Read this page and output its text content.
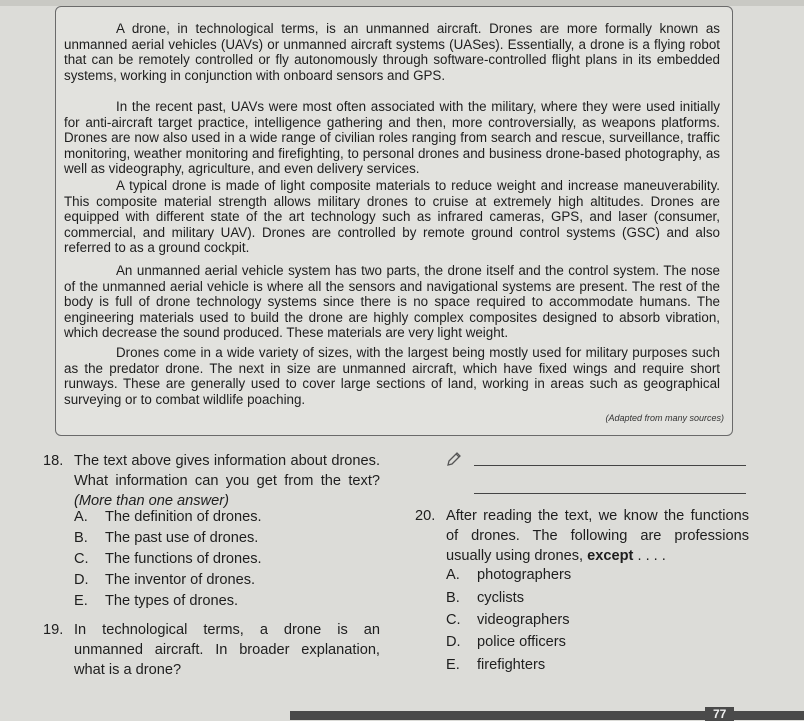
A drone, in technological terms, is an unmanned aircraft. Drones are more formally known as unmanned aerial vehicles (UAVs) or unmanned aircraft systems (UASes). Essentially, a drone is a flying robot that can be remotely controlled or fly autonomously through software-controlled flight plans in its embedded systems, working in conjunction with onboard sensors and GPS.

In the recent past, UAVs were most often associated with the military, where they were used initially for anti-aircraft target practice, intelligence gathering and then, more controversially, as weapons platforms. Drones are now also used in a wide range of civilian roles ranging from search and rescue, surveillance, traffic monitoring, weather monitoring and firefighting, to personal drones and business drone-based photography, as well as videography, agriculture, and even delivery services.

A typical drone is made of light composite materials to reduce weight and increase maneuverability. This composite material strength allows military drones to cruise at extremely high altitudes. Drones are equipped with different state of the art technology such as infrared cameras, GPS, and laser (consumer, commercial, and military UAV). Drones are controlled by remote ground control systems (GSC) and also referred to as a ground cockpit.

An unmanned aerial vehicle system has two parts, the drone itself and the control system. The nose of the unmanned aerial vehicle is where all the sensors and navigational systems are present. The rest of the body is full of drone technology systems since there is no space required to accommodate humans. The engineering materials used to build the drone are highly complex composites designed to absorb vibration, which decrease the sound produced. These materials are very light weight.

Drones come in a wide variety of sizes, with the largest being mostly used for military purposes such as the predator drone. The next in size are unmanned aircraft, which have fixed wings and require short runways. These are generally used to cover large sections of land, working in areas such as geographical surveying or to combat wildlife poaching.

(Adapted from many sources)
18. The text above gives information about drones. What information can you get from the text? (More than one answer)
A. The definition of drones.
B. The past use of drones.
C. The functions of drones.
D. The inventor of drones.
E. The types of drones.
19. In technological terms, a drone is an unmanned aircraft. In broader explanation, what is a drone?
20. After reading the text, we know the functions of drones. The following are professions usually using drones, except . . . .
A. photographers
B. cyclists
C. videographers
D. police officers
E. firefighters
77
